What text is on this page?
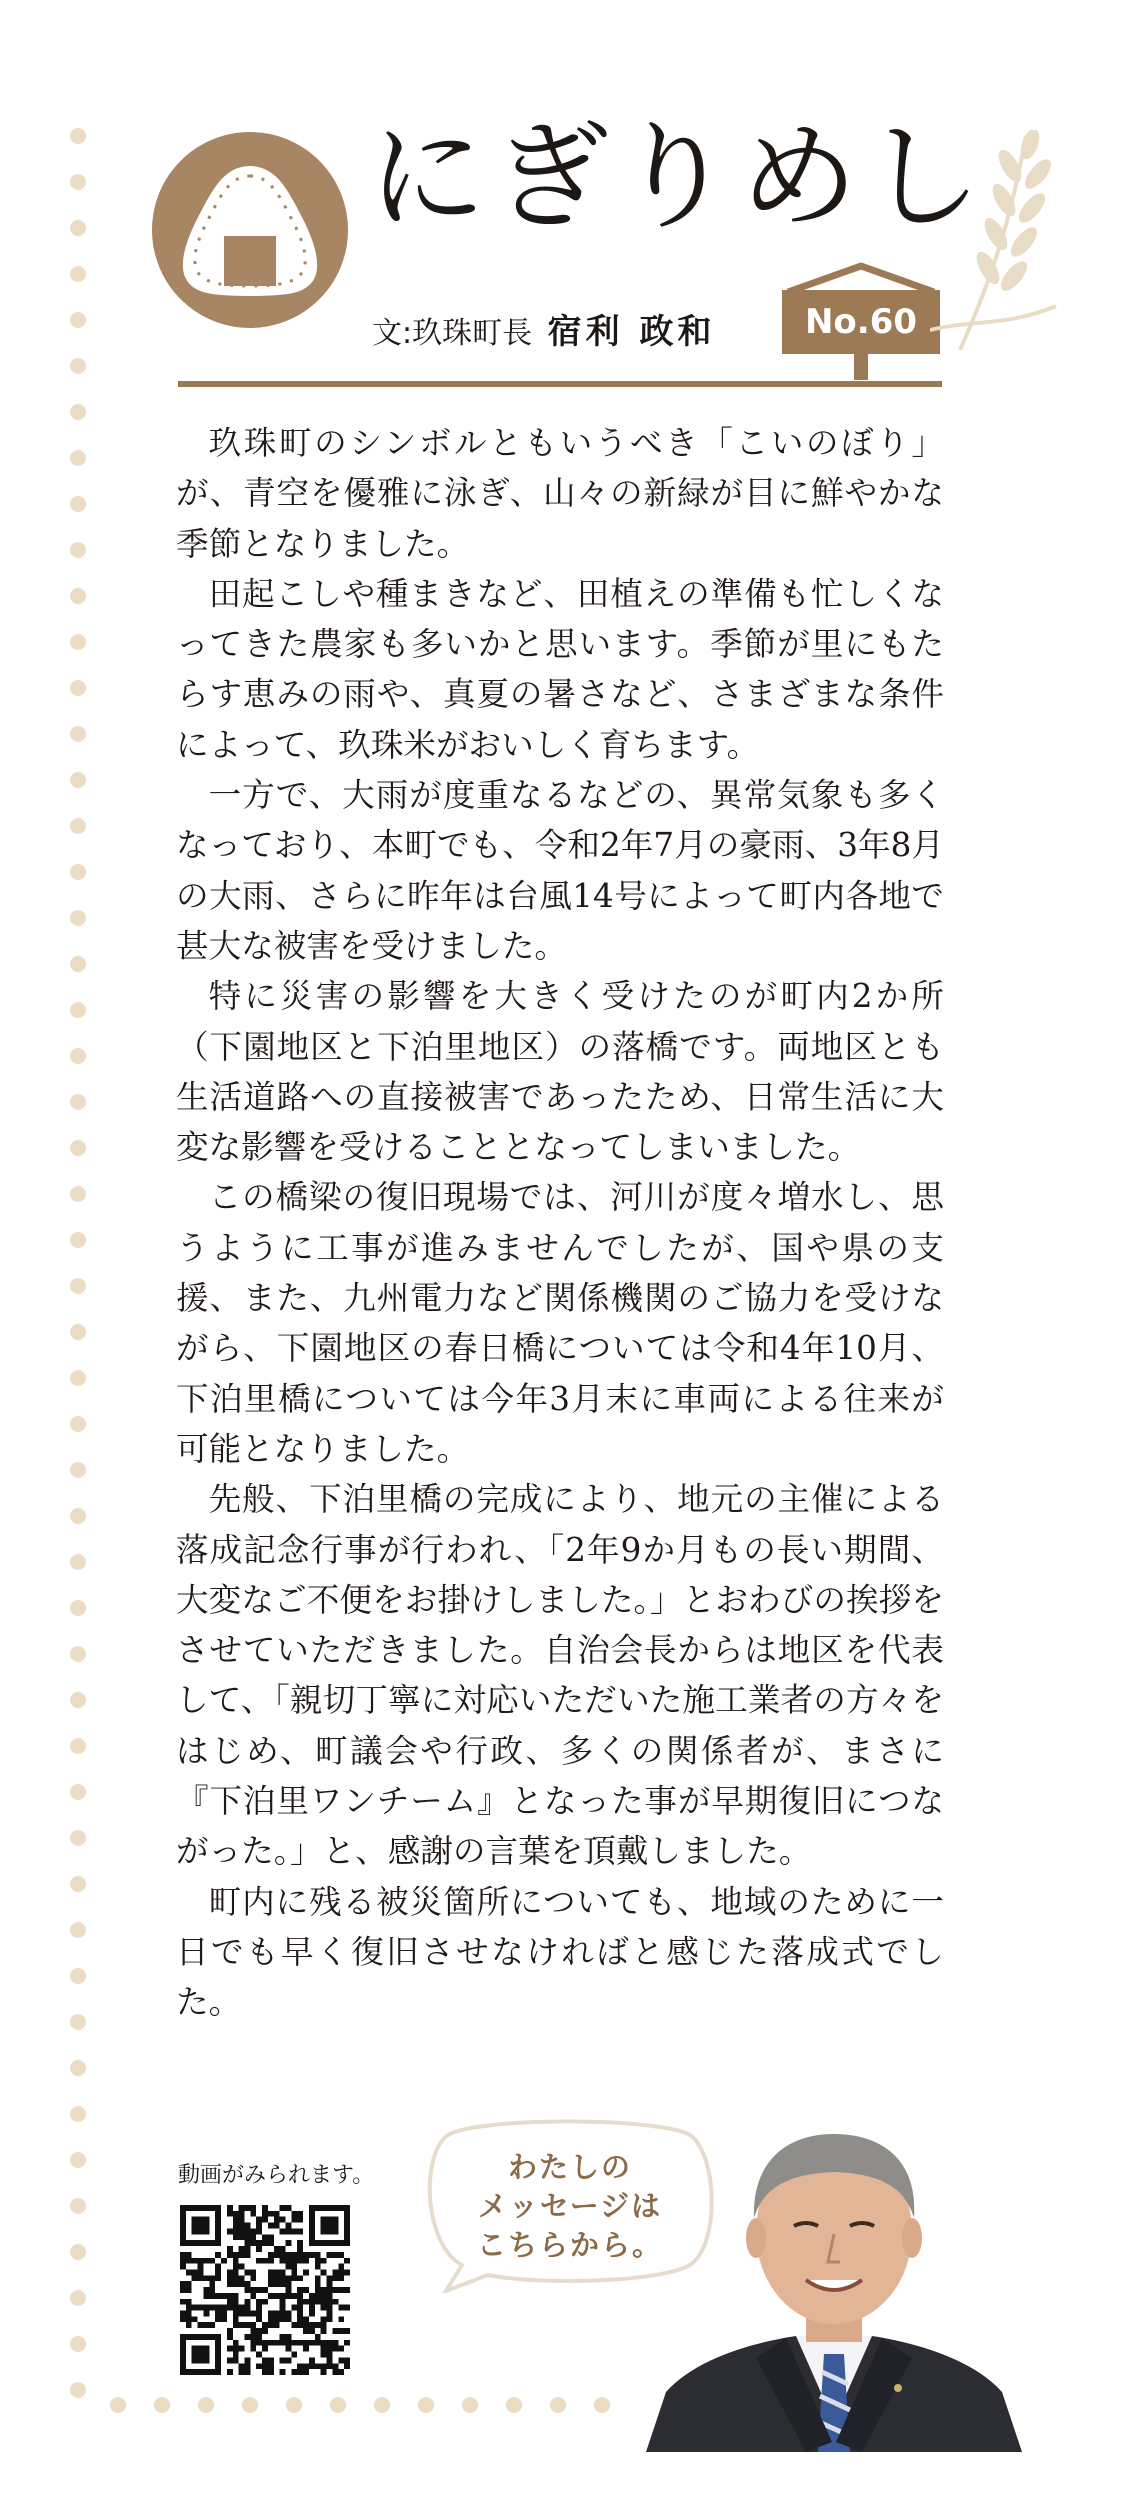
にぎりめし
文:玖珠町長 宿利 政和	No.60

玖珠町のシンボルともいうべき「こいのぼり」が、青空を優雅に泳ぎ、山々の新緑が目に鮮やかな季節となりました。

田起こしや種まきなど、田植えの準備も忙しくなってきた農家も多いかと思います。季節が里にもたらす恵みの雨や、真夏の暑さなど、さまざまな条件によって、玖珠米がおいしく育ちます。

一方で、大雨が度重なるなどの、異常気象も多くなっており、本町でも、令和2年7月の豪雨、3年8月の大雨、さらに昨年は台風14号によって町内各地で甚大な被害を受けました。

特に災害の影響を大きく受けたのが町内2か所（下園地区と下泊里地区）の落橋です。両地区とも生活道路への直接被害であったため、日常生活に大変な影響を受けることとなってしまいました。

この橋梁の復旧現場では、河川が度々増水し、思うように工事が進みませんでしたが、国や県の支援、また、九州電力など関係機関のご協力を受けながら、下園地区の春日橋については令和4年10月、下泊里橋については今年3月末に車両による往来が可能となりました。

先般、下泊里橋の完成により、地元の主催による落成記念行事が行われ、「2年9か月もの長い期間、大変なご不便をお掛けしました。」とおわびの挨拶をさせていただきました。自治会長からは地区を代表して、「親切丁寧に対応いただいた施工業者の方々をはじめ、町議会や行政、多くの関係者が、まさに『下泊里ワンチーム』となった事が早期復旧につながった。」と、感謝の言葉を頂戴しました。

町内に残る被災箇所についても、地域のために一日でも早く復旧させなければと感じた落成式でした。

動画がみられます。	わたしの
メッセージは
こちらから。
